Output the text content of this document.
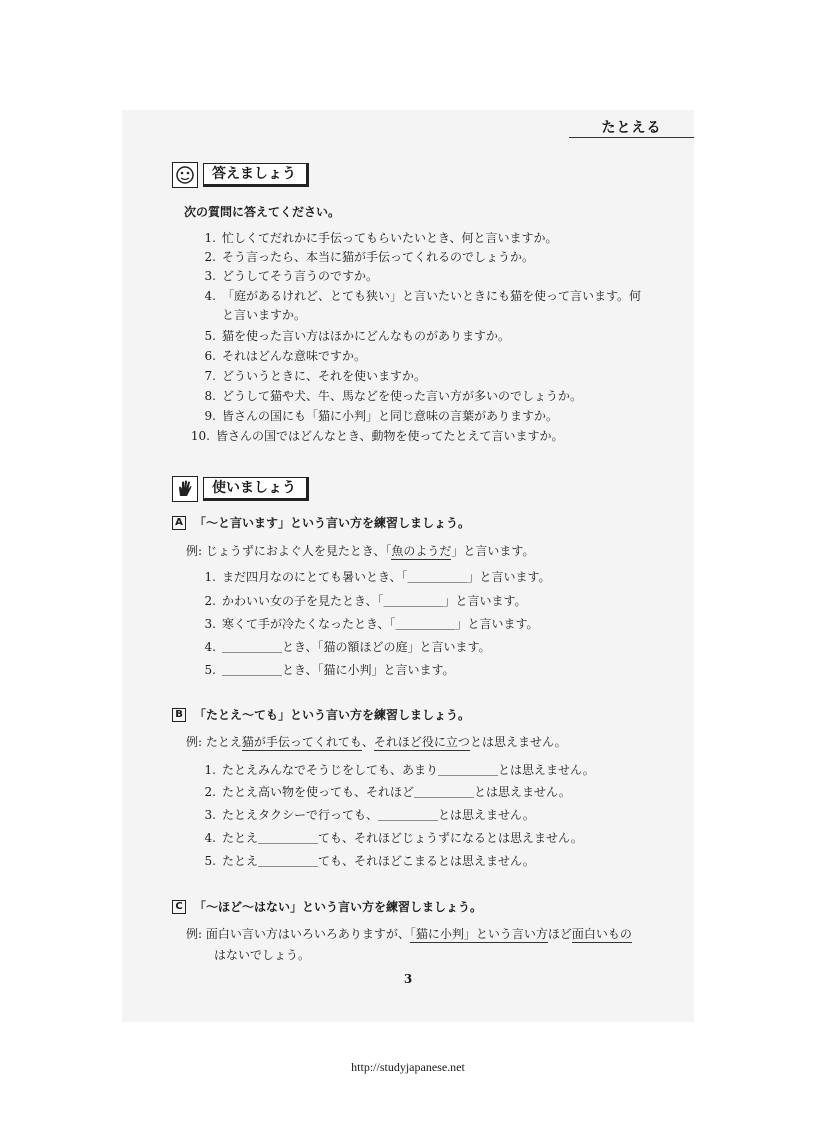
たとえる
答えましょう
次の質問に答えてください。
1. 忙しくてだれかに手伝ってもらいたいとき、何と言いますか。
2. そう言ったら、本当に猫が手伝ってくれるのでしょうか。
3. どうしてそう言うのですか。
4. 「庭があるけれど、とても狭い」と言いたいときにも猫を使って言います。何
と言いますか。
5. 猫を使った言い方はほかにどんなものがありますか。
6. それはどんな意味ですか。
7. どういうときに、それを使いますか。
8. どうして猫や犬、牛、馬などを使った言い方が多いのでしょうか。
9. 皆さんの国にも「猫に小判」と同じ意味の言葉がありますか。
10. 皆さんの国ではどんなとき、動物を使ってたとえて言いますか。
使いましょう
A 「〜と言います」という言い方を練習しましょう。
例: じょうずにおよぐ人を見たとき、「魚のようだ」と言います。
1. まだ四月なのにとても暑いとき、「＿＿＿＿＿」と言います。
2. かわいい女の子を見たとき、「＿＿＿＿＿」と言います。
3. 寒くて手が冷たくなったとき、「＿＿＿＿＿」と言います。
4. ＿＿＿＿＿とき、「猫の額ほどの庭」と言います。
5. ＿＿＿＿＿とき、「猫に小判」と言います。
B 「たとえ〜ても」という言い方を練習しましょう。
例: たとえ猫が手伝ってくれても、それほど役に立つとは思えません。
1. たとえみんなでそうじをしても、あまり＿＿＿＿＿とは思えません。
2. たとえ高い物を使っても、それほど＿＿＿＿＿とは思えません。
3. たとえタクシーで行っても、＿＿＿＿＿とは思えません。
4. たとえ＿＿＿＿＿ても、それほどじょうずになるとは思えません。
5. たとえ＿＿＿＿＿ても、それほどこまるとは思えません。
C 「〜ほど〜はない」という言い方を練習しましょう。
例: 面白い言い方はいろいろありますが、「猫に小判」という言い方ほど面白いもの
はないでしょう。
3
http://studyjapanese.net
